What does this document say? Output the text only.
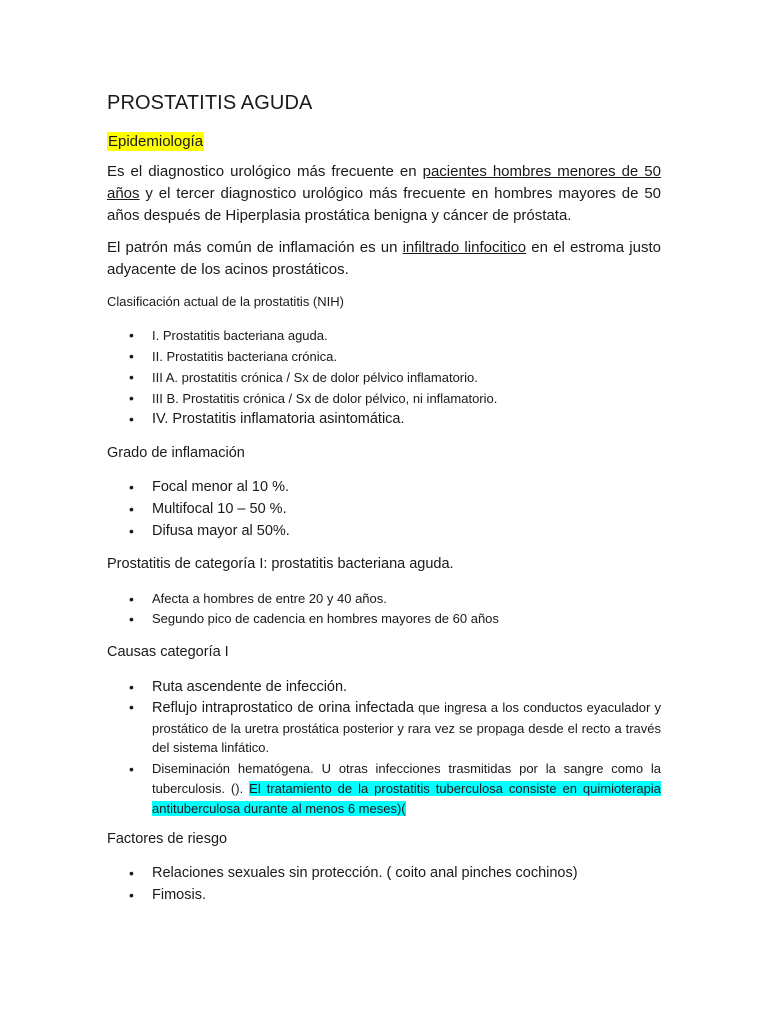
PROSTATITIS AGUDA
Epidemiología
Es el diagnostico urológico más frecuente en pacientes hombres menores de 50 años y el tercer diagnostico urológico más frecuente en hombres mayores de 50 años después de Hiperplasia prostática benigna y cáncer de próstata.
El patrón más común de inflamación es un infiltrado linfocitico en el estroma justo adyacente de los acinos prostáticos.
Clasificación actual de la prostatitis (NIH)
• I. Prostatitis bacteriana aguda.
• II. Prostatitis bacteriana crónica.
• III A. prostatitis crónica / Sx de dolor pélvico inflamatorio.
• III B. Prostatitis crónica / Sx de dolor pélvico, ni inflamatorio.
• IV. Prostatitis inflamatoria asintomática.
Grado de inflamación
• Focal menor al 10 %.
• Multifocal 10 – 50 %.
• Difusa mayor al 50%.
Prostatitis de categoría I: prostatitis bacteriana aguda.
• Afecta a hombres de entre 20 y 40 años.
• Segundo pico de cadencia en hombres mayores de 60 años
Causas categoría I
• Ruta ascendente de infección.
• Reflujo intraprostatico de orina infectada que ingresa a los conductos eyaculador y prostático de la uretra prostática posterior y rara vez se propaga desde el recto a través del sistema linfático.
• Diseminación hematógena. U otras infecciones trasmitidas por la sangre como la tuberculosis. (). El tratamiento de la prostatitis tuberculosa consiste en quimioterapia antituberculosa durante al menos 6 meses)(
Factores de riesgo
• Relaciones sexuales sin protección. ( coito anal pinches cochinos)
• Fimosis.
